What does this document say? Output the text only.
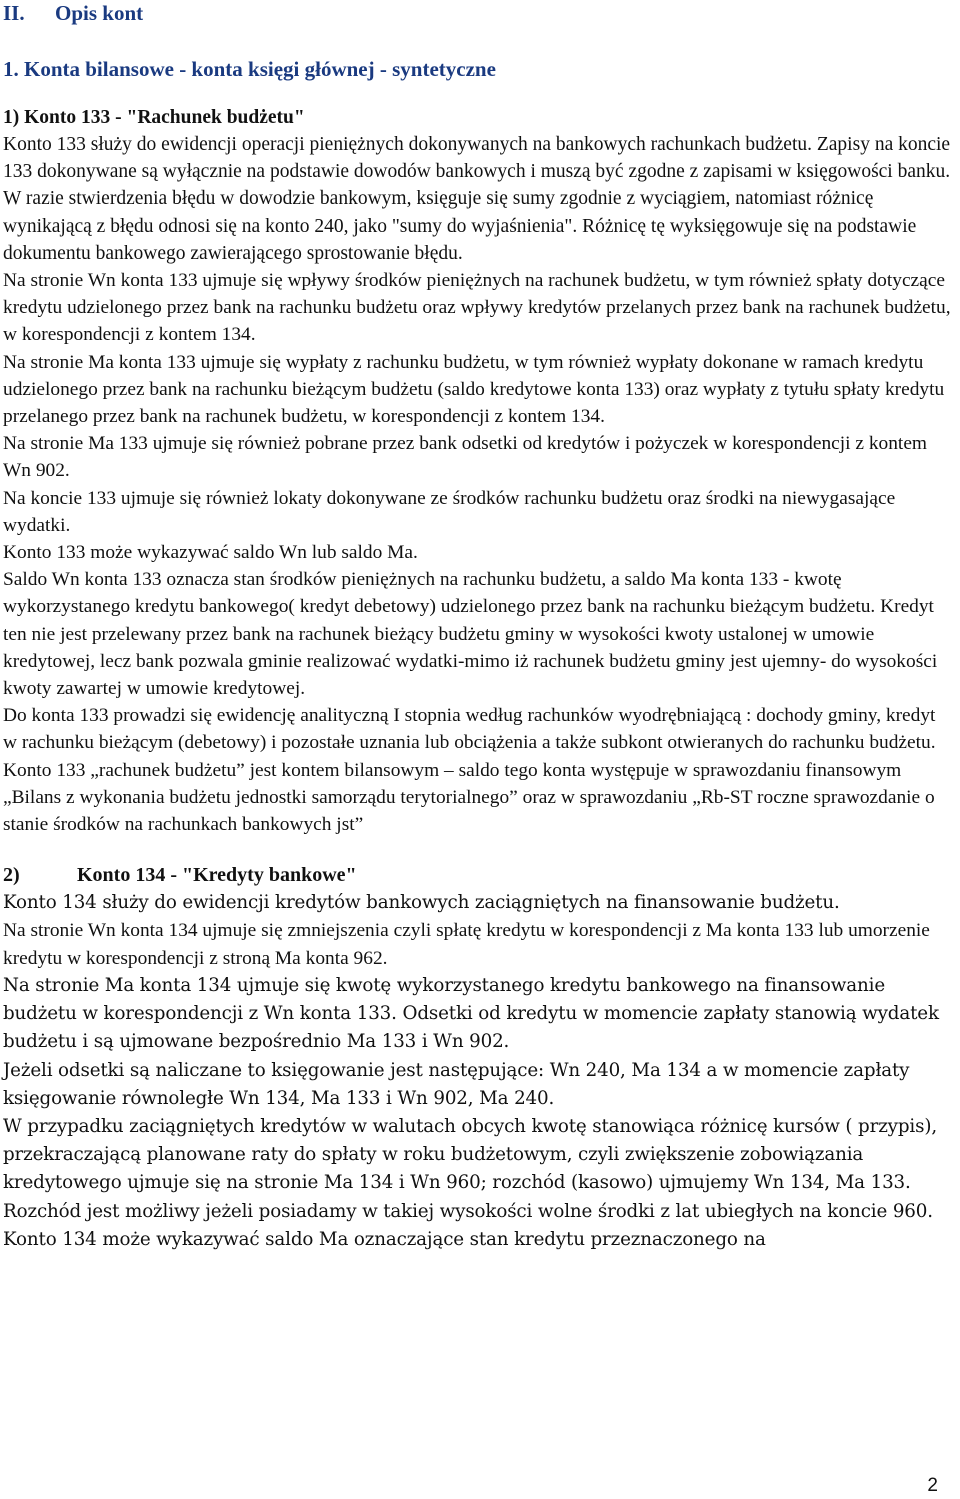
II. Opis kont
1. Konta bilansowe - konta księgi głównej - syntetyczne
1) Konto 133 - "Rachunek budżetu"

Konto 133 służy do ewidencji operacji pieniężnych dokonywanych na bankowych rachunkach budżetu. Zapisy na koncie 133 dokonywane są wyłącznie na podstawie dowodów bankowych i muszą być zgodne z zapisami w księgowości banku. W razie stwierdzenia błędu w dowodzie bankowym, księguje się sumy zgodnie z wyciągiem, natomiast różnicę wynikającą z błędu odnosi się na konto 240, jako "sumy do wyjaśnienia". Różnicę tę wyksięgowuje się na podstawie dokumentu bankowego zawierającego sprostowanie błędu.

Na stronie Wn konta 133 ujmuje się wpływy środków pieniężnych na rachunek budżetu, w tym również spłaty dotyczące kredytu udzielonego przez bank na rachunku budżetu oraz wpływy kredytów przelanych przez bank na rachunek budżetu, w korespondencji z kontem 134.

Na stronie Ma konta 133 ujmuje się wypłaty z rachunku budżetu, w tym również wypłaty dokonane w ramach kredytu udzielonego przez bank na rachunku bieżącym budżetu (saldo kredytowe konta 133) oraz wypłaty z tytułu spłaty kredytu przelanego przez bank na rachunek budżetu, w korespondencji z kontem 134.

Na stronie Ma 133 ujmuje się również pobrane przez bank odsetki od kredytów i pożyczek w korespondencji z kontem Wn 902.

Na koncie 133 ujmuje się również lokaty dokonywane ze środków rachunku budżetu oraz środki na niewygasające wydatki.

Konto 133 może wykazywać saldo Wn lub saldo Ma.

Saldo Wn konta 133 oznacza stan środków pieniężnych na rachunku budżetu, a saldo Ma konta 133 - kwotę wykorzystanego kredytu bankowego( kredyt debetowy) udzielonego przez bank na rachunku bieżącym budżetu. Kredyt ten nie jest przelewany przez bank na rachunek bieżący budżetu gminy w wysokości kwoty ustalonej w umowie kredytowej, lecz bank pozwala gminie realizować wydatki-mimo iż rachunek budżetu gminy jest ujemny- do wysokości kwoty zawartej w umowie kredytowej.

Do konta 133 prowadzi się ewidencję analityczną I stopnia według rachunków wyodrębniającą : dochody gminy, kredyt w rachunku bieżącym (debetowy) i pozostałe uznania lub obciążenia a także subkont otwieranych do rachunku budżetu.

Konto 133 „rachunek budżetu” jest kontem bilansowym – saldo tego konta występuje w sprawozdaniu finansowym „Bilans z wykonania budżetu jednostki samorządu terytorialnego” oraz w sprawozdaniu „Rb-ST roczne sprawozdanie o stanie środków na rachunkach bankowych jst”

2)	Konto 134 - "Kredyty bankowe"

Konto 134 służy do ewidencji kredytów bankowych zaciągniętych na finansowanie budżetu.

Na stronie Wn konta 134 ujmuje się zmniejszenia czyli spłatę kredytu w korespondencji z Ma konta 133 lub umorzenie kredytu w korespondencji z stroną Ma konta 962.

Na stronie Ma konta 134 ujmuje się kwotę wykorzystanego kredytu bankowego na finansowanie budżetu w korespondencji z Wn konta 133. Odsetki od kredytu w momencie zapłaty stanowią wydatek budżetu i są ujmowane bezpośrednio Ma 133 i Wn 902.

Jeżeli odsetki są naliczane to księgowanie jest następujące: Wn 240, Ma 134 a w momencie zapłaty księgowanie równoległe Wn 134, Ma 133 i Wn 902, Ma 240.

W przypadku zaciągniętych kredytów w walutach obcych kwotę stanowiąca różnicę kursów ( przypis), przekraczającą planowane raty do spłaty w roku budżetowym, czyli zwiększenie zobowiązania kredytowego ujmuje się na stronie Ma 134 i Wn 960; rozchód (kasowo) ujmujemy Wn 134, Ma 133. Rozchód jest możliwy jeżeli posiadamy w takiej wysokości wolne środki z lat ubiegłych na koncie 960.

Konto 134 może wykazywać saldo Ma oznaczające stan kredytu przeznaczonego na

2
